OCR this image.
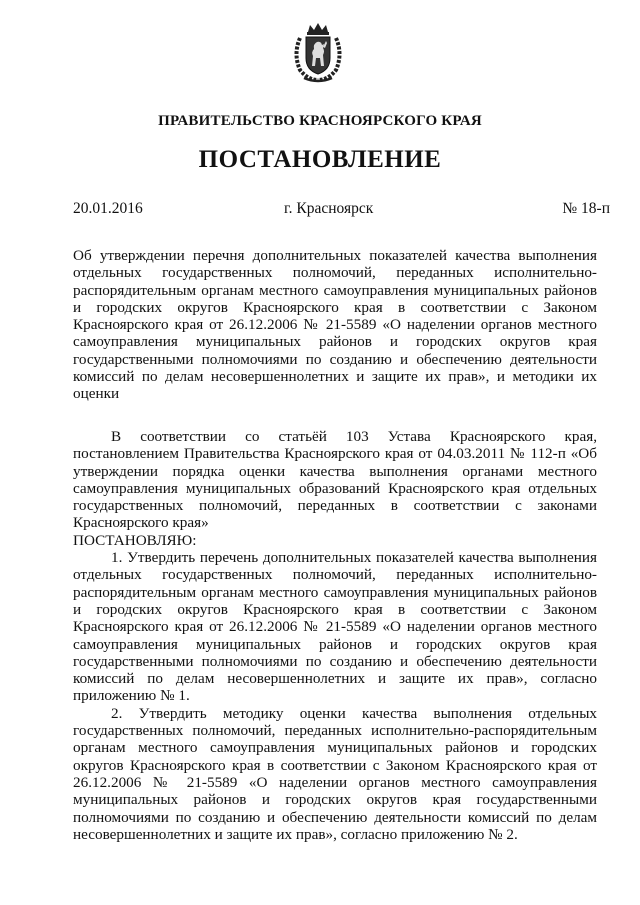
ПРАВИТЕЛЬСТВО КРАСНОЯРСКОГО КРАЯ
ПОСТАНОВЛЕНИЕ
20.01.2016	г. Красноярск	№ 18-п

Об утверждении перечня дополнительных показателей качества выполнения отдельных государственных полномочий, переданных исполнительно-распорядительным органам местного самоуправления муниципальных районов и городских округов Красноярского края в соответствии с Законом Красноярского края от 26.12.2006 № 21-5589 «О наделении органов местного самоуправления муниципальных районов и городских округов края государственными полномочиями по созданию и обеспечению деятельности комиссий по делам несовершеннолетних и защите их прав», и методики их оценки

В соответствии со статьёй 103 Устава Красноярского края, постановлением Правительства Красноярского края от 04.03.2011 № 112-п «Об утверждении порядка оценки качества выполнения органами местного самоуправления муниципальных образований Красноярского края отдельных государственных полномочий, переданных в соответствии с законами Красноярского края»

ПОСТАНОВЛЯЮ:

1. Утвердить перечень дополнительных показателей качества выполнения отдельных государственных полномочий, переданных исполнительно-распорядительным органам местного самоуправления муниципальных районов и городских округов Красноярского края в соответствии с Законом Красноярского края от 26.12.2006 № 21-5589 «О наделении органов местного самоуправления муниципальных районов и городских округов края государственными полномочиями по созданию и обеспечению деятельности комиссий по делам несовершеннолетних и защите их прав», согласно приложению № 1.

2. Утвердить методику оценки качества выполнения отдельных государственных полномочий, переданных исполнительно-распорядительным органам местного самоуправления муниципальных районов и городских округов Красноярского края в соответствии с Законом Красноярского края от 26.12.2006 № 21-5589 «О наделении органов местного самоуправления муниципальных районов и городских округов края государственными полномочиями по созданию и обеспечению деятельности комиссий по делам несовершеннолетних и защите их прав», согласно приложению № 2.
